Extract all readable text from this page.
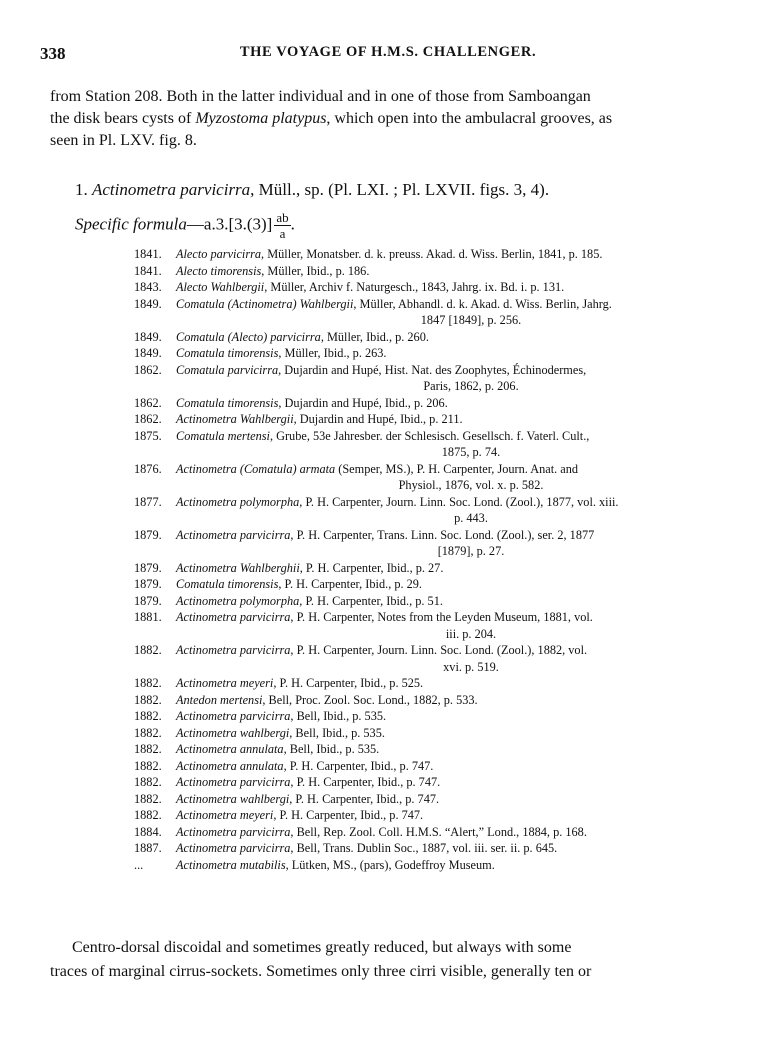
338	THE VOYAGE OF H.M.S. CHALLENGER.
from Station 208. Both in the latter individual and in one of those from Samboangan
the disk bears cysts of Myzostoma platypus, which open into the ambulacral grooves, as
seen in Pl. LXV. fig. 8.
1. Actinometra parvicirra, Müll., sp. (Pl. LXI. ; Pl. LXVII. figs. 3, 4).
Specific formula—a.3.[3.(3)] $\frac{ab}{a}$ .
1841.	Alecto parvicirra, Müller, Monatsber. d. k. preuss. Akad. d. Wiss. Berlin, 1841, p. 185.
1841.	Alecto timorensis, Müller, Ibid., p. 186.
1843.	Alecto Wahlbergii, Müller, Archiv f. Naturgesch., 1843, Jahrg. ix. Bd. i. p. 131.
1849.	Comatula (Actinometra) Wahlbergii, Müller, Abhandl. d. k. Akad. d. Wiss. Berlin, Jahrg.
1847 [1849], p. 256.
1849.	Comatula (Alecto) parvicirra, Müller, Ibid., p. 260.
1849.	Comatula timorensis, Müller, Ibid., p. 263.
1862.	Comatula parvicirra, Dujardin and Hupé, Hist. Nat. des Zoophytes, Échinodermes,
Paris, 1862, p. 206.
1862.	Comatula timorensis, Dujardin and Hupé, Ibid., p. 206.
1862.	Actinometra Wahlbergii, Dujardin and Hupé, Ibid., p. 211.
1875.	Comatula mertensi, Grube, 53e Jahresber. der Schlesisch. Gesellsch. f. Vaterl. Cult.,
1875, p. 74.
1876.	Actinometra (Comatula) armata (Semper, MS.), P. H. Carpenter, Journ. Anat. and
Physiol., 1876, vol. x. p. 582.
1877.	Actinometra polymorpha, P. H. Carpenter, Journ. Linn. Soc. Lond. (Zool.), 1877, vol. xiii.
p. 443.
1879.	Actinometra parvicirra, P. H. Carpenter, Trans. Linn. Soc. Lond. (Zool.), ser. 2, 1877
[1879], p. 27.
1879.	Actinometra Wahlberghii, P. H. Carpenter, Ibid., p. 27.
1879.	Comatula timorensis, P. H. Carpenter, Ibid., p. 29.
1879.	Actinometra polymorpha, P. H. Carpenter, Ibid., p. 51.
1881.	Actinometra parvicirra, P. H. Carpenter, Notes from the Leyden Museum, 1881, vol.
iii. p. 204.
1882.	Actinometra parvicirra, P. H. Carpenter, Journ. Linn. Soc. Lond. (Zool.), 1882, vol.
xvi. p. 519.
1882.	Actinometra meyeri, P. H. Carpenter, Ibid., p. 525.
1882.	Antedon mertensi, Bell, Proc. Zool. Soc. Lond., 1882, p. 533.
1882.	Actinometra parvicirra, Bell, Ibid., p. 535.
1882.	Actinometra wahlbergi, Bell, Ibid., p. 535.
1882.	Actinometra annulata, Bell, Ibid., p. 535.
1882.	Actinometra annulata, P. H. Carpenter, Ibid., p. 747.
1882.	Actinometra parvicirra, P. H. Carpenter, Ibid., p. 747.
1882.	Actinometra wahlbergi, P. H. Carpenter, Ibid., p. 747.
1882.	Actinometra meyeri, P. H. Carpenter, Ibid., p. 747.
1884.	Actinometra parvicirra, Bell, Rep. Zool. Coll. H.M.S. “Alert,” Lond., 1884, p. 168.
1887.	Actinometra parvicirra, Bell, Trans. Dublin Soc., 1887, vol. iii. ser. ii. p. 645.
...	Actinometra mutabilis, Lütken, MS., (pars), Godeffroy Museum.
Centro-dorsal discoidal and sometimes greatly reduced, but always with some
traces of marginal cirrus-sockets. Sometimes only three cirri visible, generally ten or
